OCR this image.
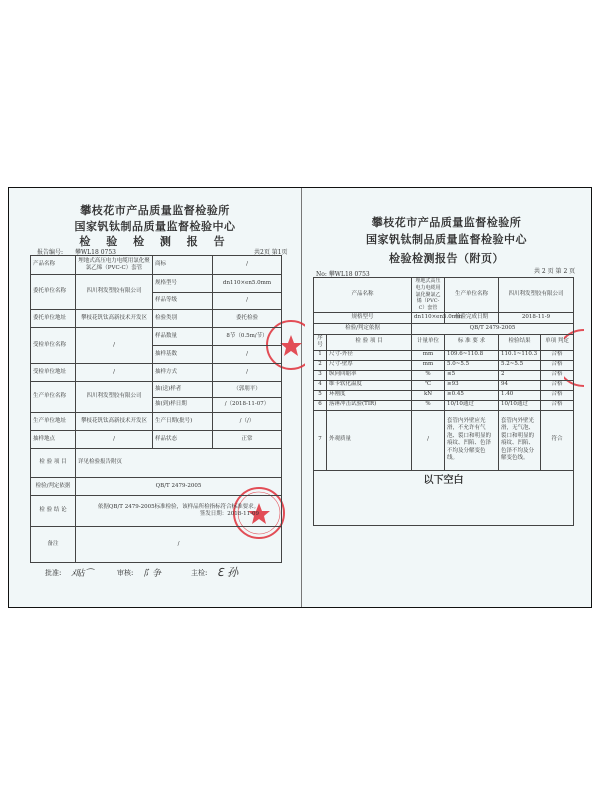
攀枝花市产品质量监督检验所
国家钒钛制品质量监督检验中心
检 验 检 测 报 告
报告编号: 攀WL18 0753	共2页 第1页
产品名称	埋地式高压电力电缆用氯化聚氯乙烯（PVC-C）套管	商标	/
委托单位名称	四川利发塑胶有限公司	规格型号	dn110×en5.0mm
		样品等级	/
委托单位地址	攀枝花钒钛高新技术开发区	检验类别	委托检验
受检单位名称	/	样品数量	8节（0.5m/节）
		抽样基数	/
受检单位地址	/	抽样方式	/
生产单位名称	四川利发塑胶有限公司	抽(送)样者	（郭朋平）
		抽(到)样日期	/（2018-11-07）
生产单位地址	攀枝花钒钛高新技术开发区	生产日期(批号)	/（/）
抽样地点	/	样品状态	正常
检 验 项 目	详见检验报告附页		
检验/判定依据	QB/T 2479-2005		
检 验 结 论	依据QB/T 2479-2005标准检验，该样品所检指标符合标准要求。
签发日期：2018-11-09		

备注	/		
批准: ﾒ䀡⌒	审核: 阝争	主检: ℇ 孙
攀枝花市产品质量监督检验所
国家钒钛制品质量监督检验中心
检验检测报告（附页）
No: 攀WL18 0753	共 2 页 第 2 页
产品名称		埋地式高压电力电缆用氯化聚氯乙烯（PVC-C）套管	生产单位名称	四川利发塑胶有限公司	
规格型号		dn110×en5.0mm	检验完成日期	2018-11-9	
检验/判定依据		QB/T 2479-2005			
序号	检 验 项 目	计量单位	标 准 要 求	检验结果	单项 判定
1	尺寸-外径	mm	109.6~110.8	110.1~110.3	合格
2	尺寸-壁厚	mm	5.0~5.5	5.2~5.5	合格
3	纵向回缩率	%	≤5	2	合格
4	维卡软化温度	℃	≥93	94	合格
5	环刚度	kN	≥0.45	1.40	合格
6	落锤冲击试验(TIR)	%	10/10通过	10/10通过	合格
7	外观质量	/	套管内外壁应光滑，不允许有气泡、裂口和明显的痕纹、凹陷、色泽不均及分解变色线。	套管内外壁光滑，无气泡、裂口和明显的痕纹、凹陷、色泽不均及分解变色线。	符合
以下空白					
